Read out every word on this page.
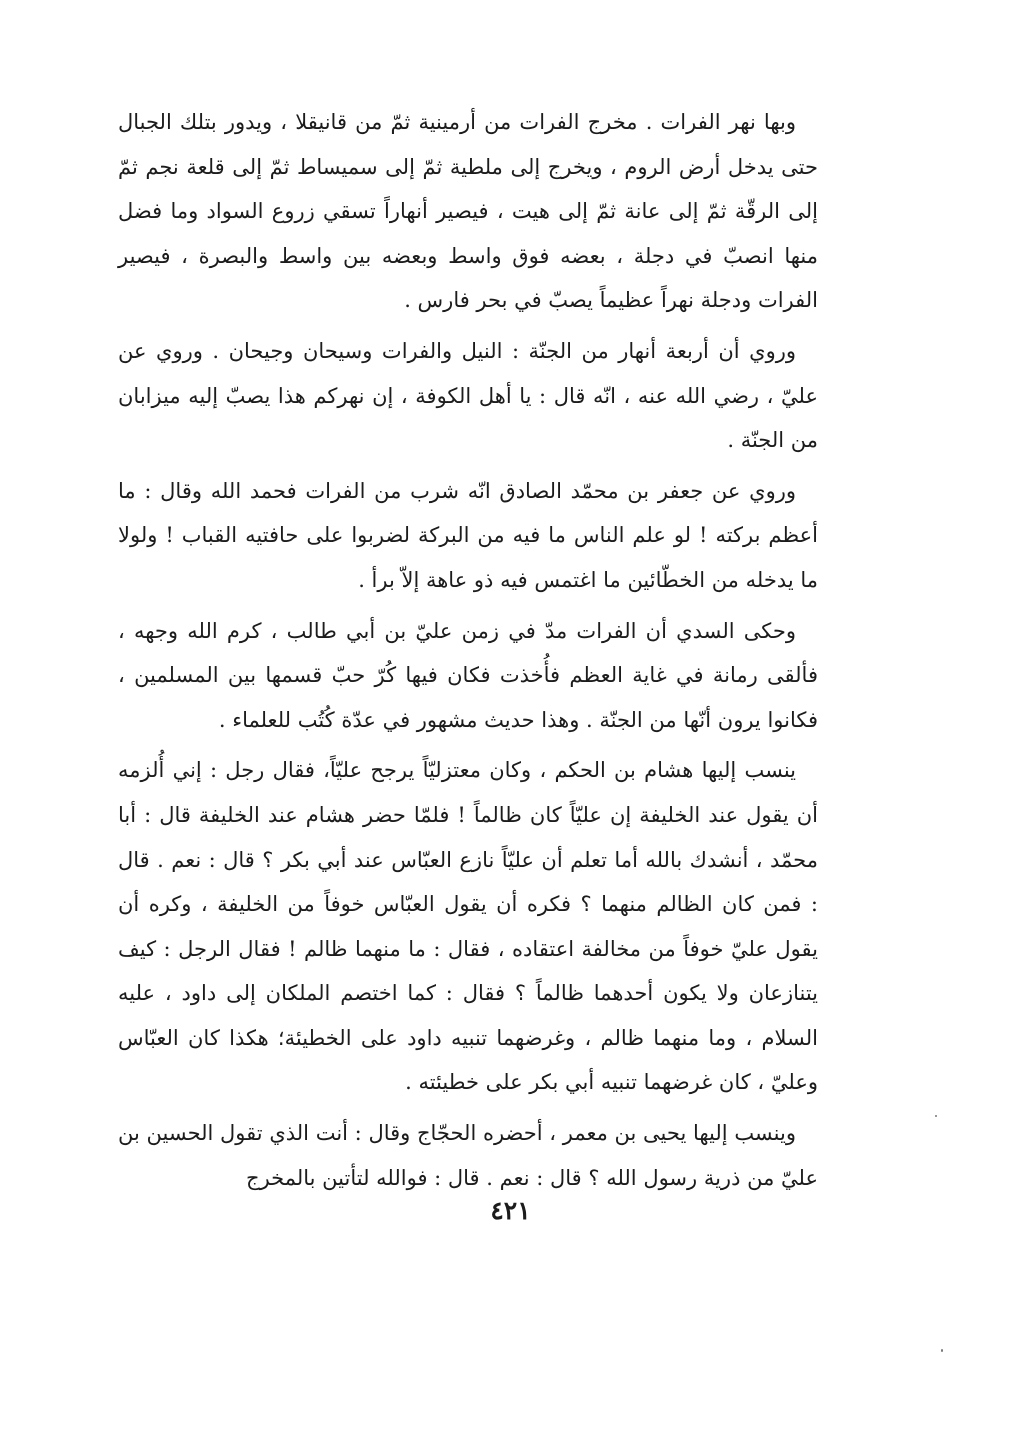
وبها نهر الفرات . مخرج الفرات من أرمينية ثمّ من قانيقلا ، ويدور بتلك الجبال حتى يدخل أرض الروم ، ويخرج إلى ملطية ثمّ إلى سميساط ثمّ إلى قلعة نجم ثمّ إلى الرقّة ثمّ إلى عانة ثمّ إلى هيت ، فيصير أنهاراً تسقي زروع السواد وما فضل منها انصبّ في دجلة ، بعضه فوق واسط وبعضه بين واسط والبصرة ، فيصير الفرات ودجلة نهراً عظيماً يصبّ في بحر فارس .

وروي أن أربعة أنهار من الجنّة : النيل والفرات وسيحان وجيحان . وروي عن عليّ ، رضي الله عنه ، انّه قال : يا أهل الكوفة ، إن نهركم هذا يصبّ إليه ميزابان من الجنّة .

وروي عن جعفر بن محمّد الصادق انّه شرب من الفرات فحمد الله وقال : ما أعظم بركته ! لو علم الناس ما فيه من البركة لضربوا على حافتيه القباب ! ولولا ما يدخله من الخطّائين ما اغتمس فيه ذو عاهة إلاّ برأ .

وحكى السدي أن الفرات مدّ في زمن عليّ بن أبي طالب ، كرم الله وجهه ، فألقى رمانة في غاية العظم فأُخذت فكان فيها كُرّ حبّ قسمها بين المسلمين ، فكانوا يرون أنّها من الجنّة . وهذا حديث مشهور في عدّة كُتُب للعلماء .

ينسب إليها هشام بن الحكم ، وكان معتزليّاً يرجح عليّاً، فقال رجل : إني أُلزمه أن يقول عند الخليفة إن عليّاً كان ظالماً ! فلمّا حضر هشام عند الخليفة قال : أبا محمّد ، أنشدك بالله أما تعلم أن عليّاً نازع العبّاس عند أبي بكر ؟ قال : نعم . قال : فمن كان الظالم منهما ؟ فكره أن يقول العبّاس خوفاً من الخليفة ، وكره أن يقول عليّ خوفاً من مخالفة اعتقاده ، فقال : ما منهما ظالم ! فقال الرجل : كيف يتنازعان ولا يكون أحدهما ظالماً ؟ فقال : كما اختصم الملكان إلى داود ، عليه السلام ، وما منهما ظالم ، وغرضهما تنبيه داود على الخطيئة؛ هكذا كان العبّاس وعليّ ، كان غرضهما تنبيه أبي بكر على خطيئته .

وينسب إليها يحيى بن معمر ، أحضره الحجّاج وقال : أنت الذي تقول الحسين بن عليّ من ذرية رسول الله ؟ قال : نعم . قال : فوالله لتأتين بالمخرج

٤٢١
